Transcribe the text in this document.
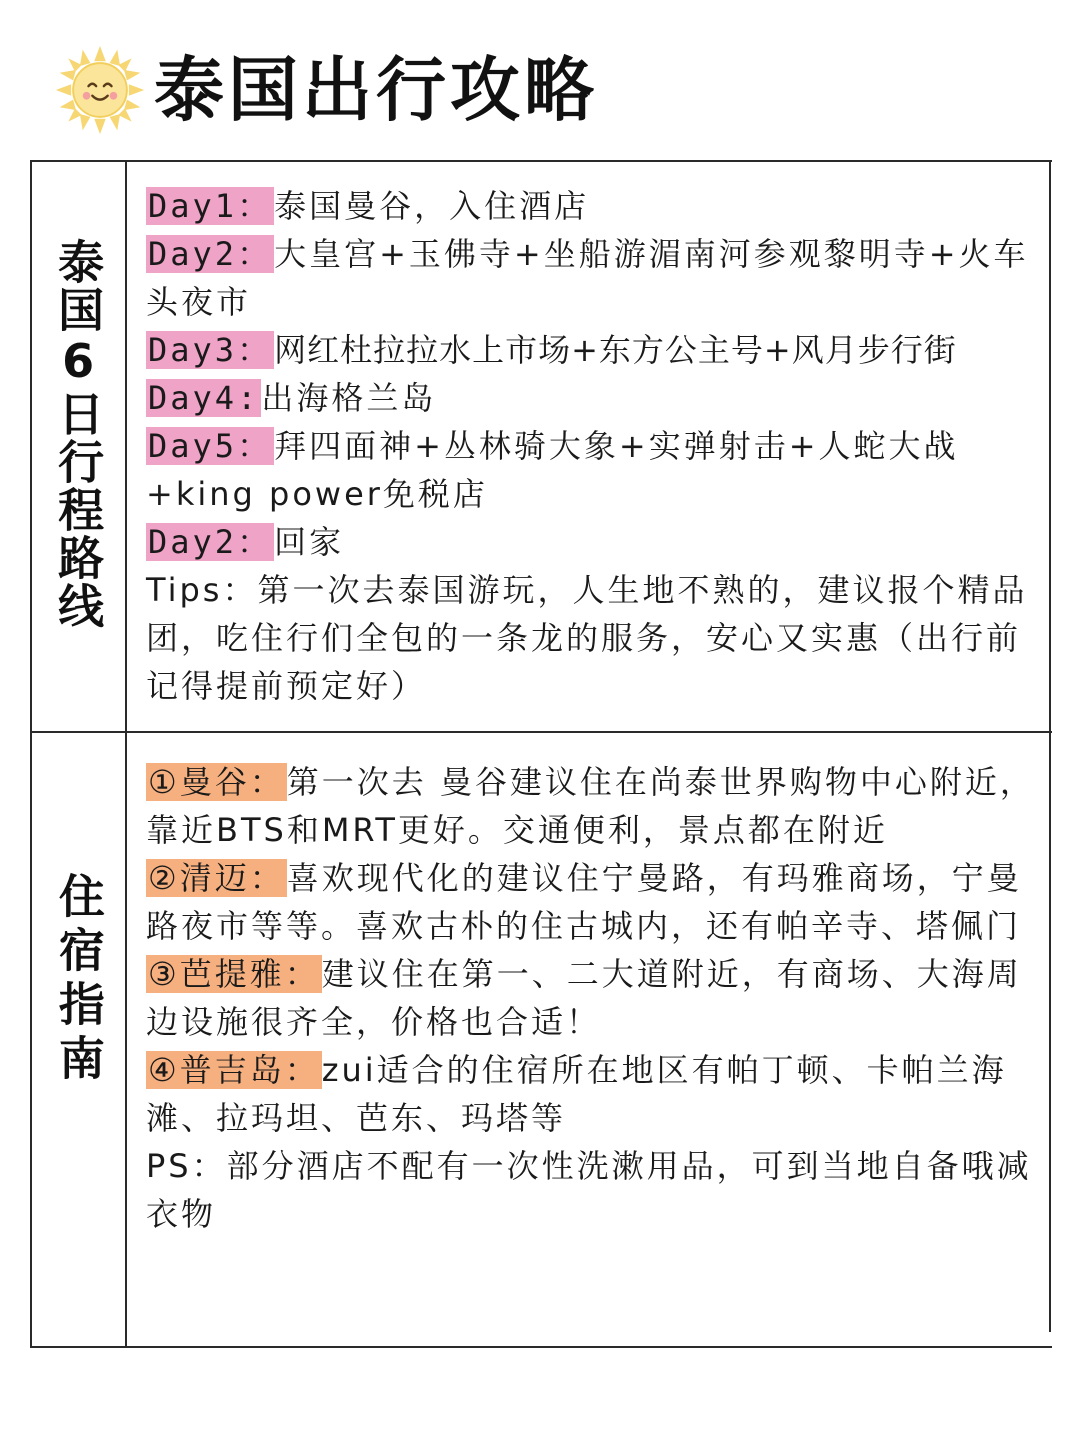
泰国出行攻略
泰国6日行程路线

Day1：泰国曼谷，入住酒店

Day2：大皇宫+玉佛寺+坐船游湄南河参观黎明寺+火车头夜市

Day3：网红杜拉拉水上市场+东方公主号+风月步行街

Day4:出海格兰岛

Day5：拜四面神+丛林骑大象+实弹射击+人蛇大战+king power免税店

Day2：回家

Tips：第一次去泰国游玩，人生地不熟的，建议报个精品团，吃住行们全包的一条龙的服务，安心又实惠（出行前记得提前预定好）

住宿指南

①曼谷：第一次去 曼谷建议住在尚泰世界购物中心附近，靠近BTS和MRT更好。交通便利，景点都在附近

②清迈：喜欢现代化的建议住宁曼路，有玛雅商场，宁曼路夜市等等。喜欢古朴的住古城内，还有帕辛寺、塔佩门

③芭提雅：建议住在第一、二大道附近，有商场、大海周边设施很齐全，价格也合适！

④普吉岛：zui适合的住宿所在地区有帕丁顿、卡帕兰海滩、拉玛坦、芭东、玛塔等

PS：部分酒店不配有一次性洗漱用品，可到当地自备哦减衣物
